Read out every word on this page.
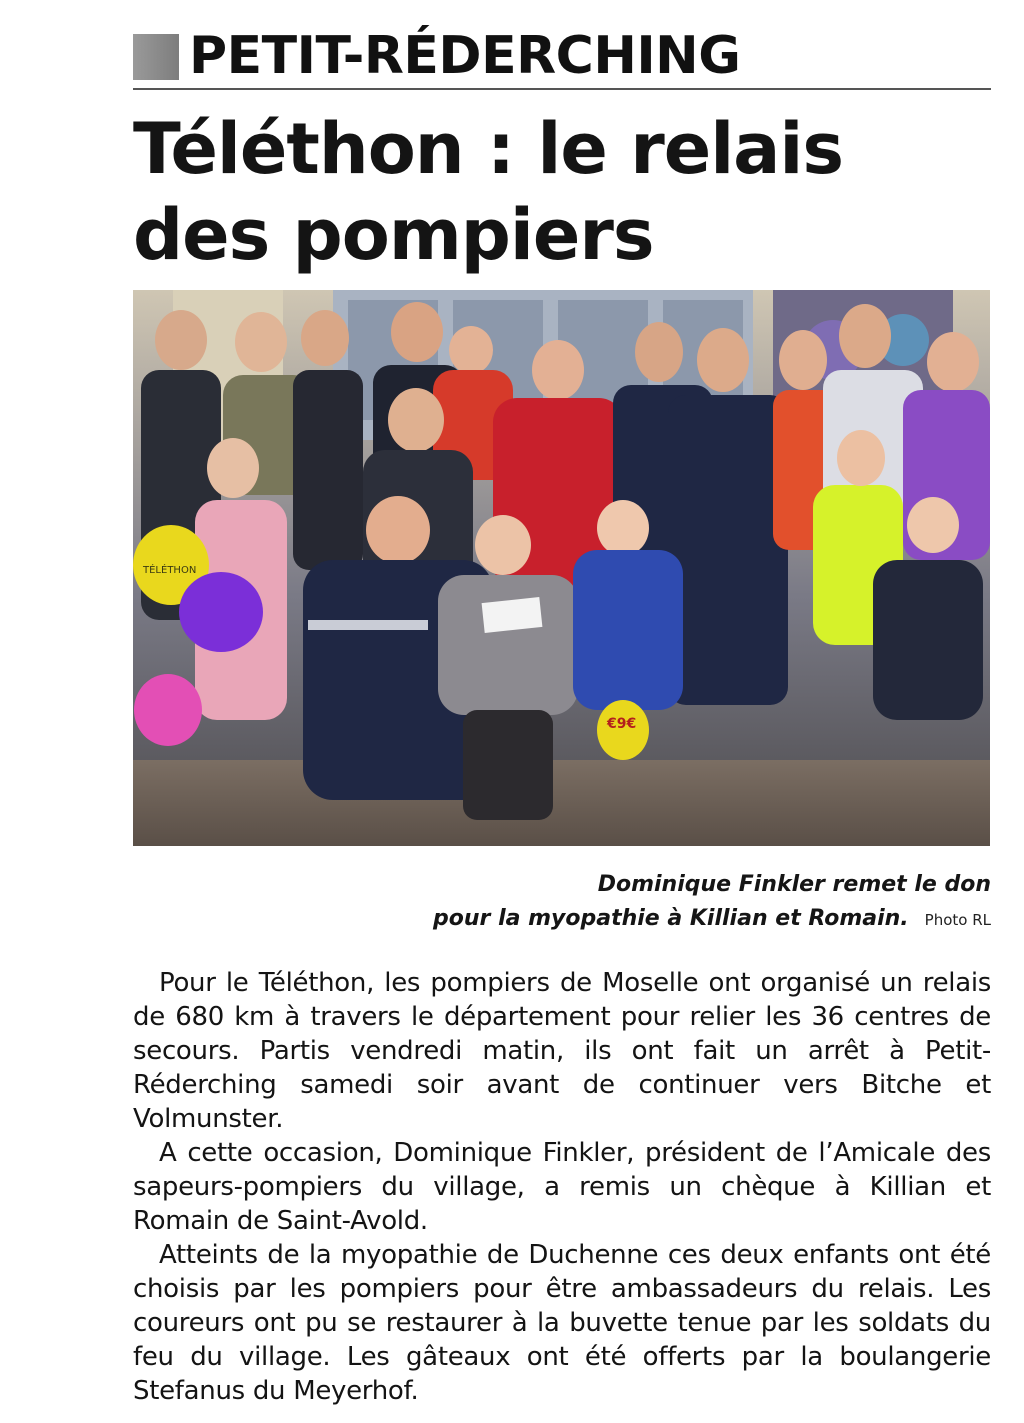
PETIT-RÉDERCHING
Téléthon : le relais
des pompiers
TÉLÉTHON
€9€
Dominique Finkler remet le don
pour la myopathie à Killian et Romain. Photo RL

Pour le Téléthon, les pompiers de Moselle ont organisé un relais de 680 km à travers le département pour relier les 36 centres de secours. Partis vendredi matin, ils ont fait un arrêt à Petit-Réderching samedi soir avant de continuer vers Bitche et Volmunster.

A cette occasion, Dominique Finkler, président de l’Amicale des sapeurs-pompiers du village, a remis un chèque à Killian et Romain de Saint-Avold.

Atteints de la myopathie de Duchenne ces deux enfants ont été choisis par les pompiers pour être ambassadeurs du relais. Les coureurs ont pu se restaurer à la buvette tenue par les soldats du feu du village. Les gâteaux ont été offerts par la boulangerie Stefanus du Meyerhof.
